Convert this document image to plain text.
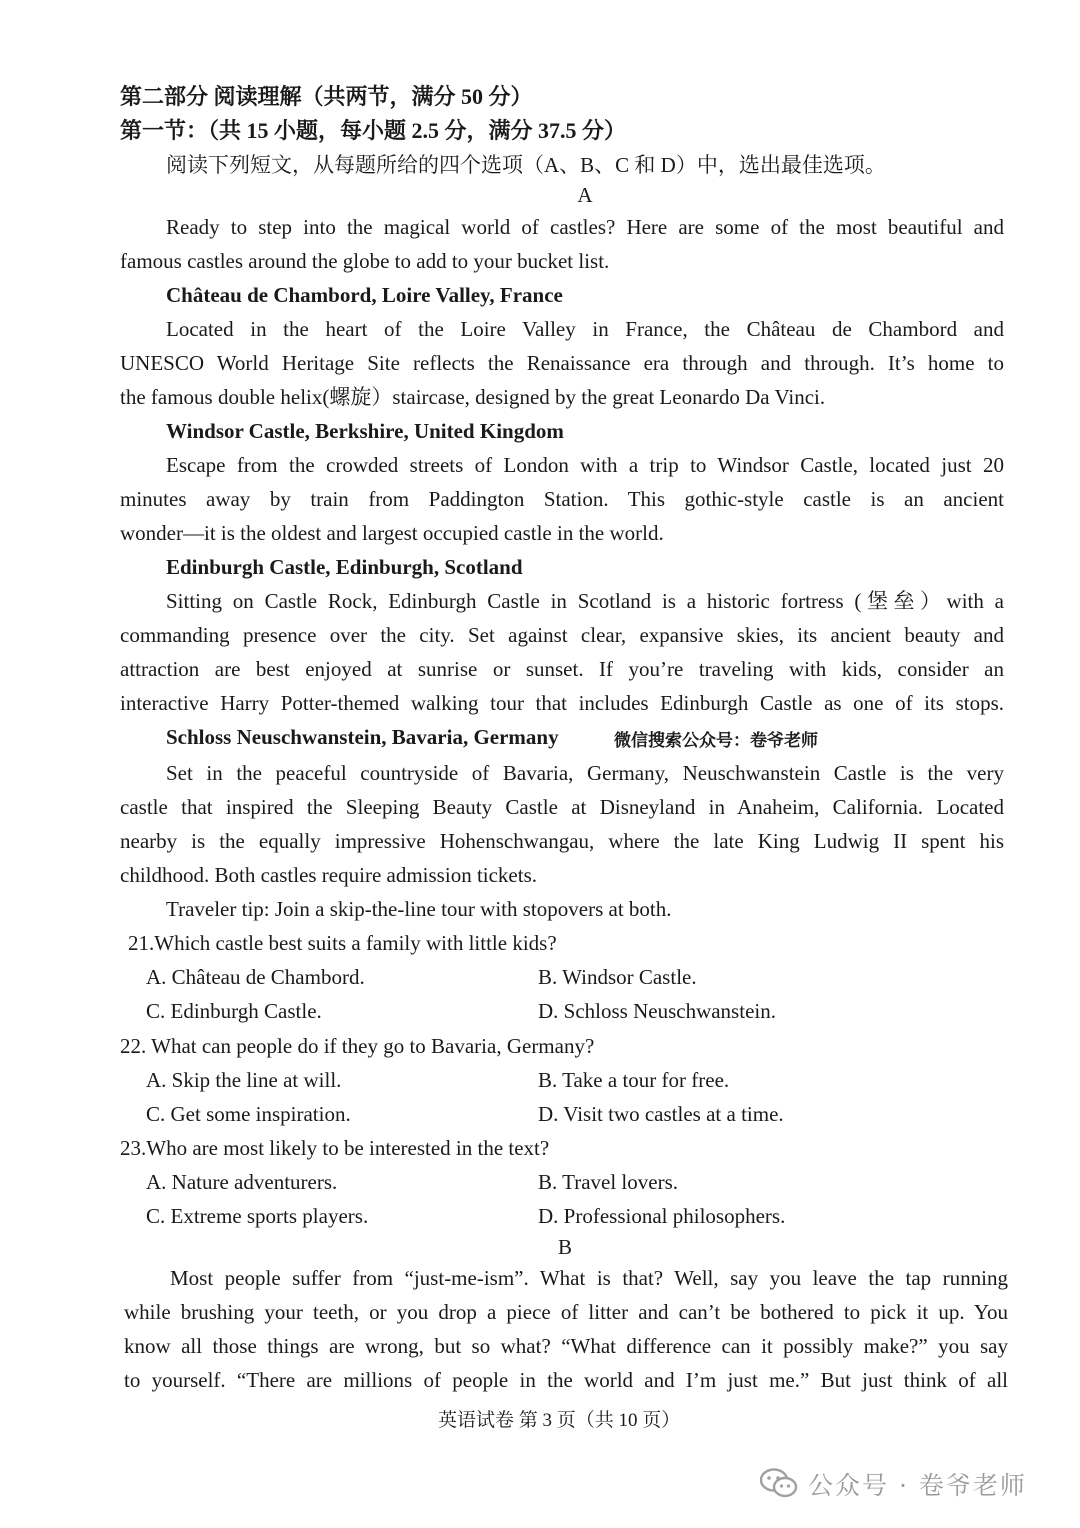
第二部分 阅读理解（共两节，满分 50 分）
第一节：（共 15 小题，每小题 2.5 分，满分 37.5 分）
阅读下列短文，从每题所给的四个选项（A、B、C 和 D）中，选出最佳选项。
A
Ready to step into the magical world of castles? Here are some of the most beautiful and
famous castles around the globe to add to your bucket list.
Château de Chambord, Loire Valley, France
Located in the heart of the Loire Valley in France, the Château de Chambord and
UNESCO World Heritage Site reflects the Renaissance era through and through. It’s home to
the famous double helix(螺旋）staircase, designed by the great Leonardo Da Vinci.
Windsor Castle, Berkshire, United Kingdom
Escape from the crowded streets of London with a trip to Windsor Castle, located just 20
minutes away by train from Paddington Station. This gothic-style castle is an ancient
wonder—it is the oldest and largest occupied castle in the world.
Edinburgh Castle, Edinburgh, Scotland
Sitting on Castle Rock, Edinburgh Castle in Scotland is a historic fortress (堡垒）with a
commanding presence over the city. Set against clear, expansive skies, its ancient beauty and
attraction are best enjoyed at sunrise or sunset. If you’re traveling with kids, consider an
interactive Harry Potter-themed walking tour that includes Edinburgh Castle as one of its stops.
Schloss Neuschwanstein, Bavaria, Germany	微信搜索公众号：卷爷老师
Set in the peaceful countryside of Bavaria, Germany, Neuschwanstein Castle is the very
castle that inspired the Sleeping Beauty Castle at Disneyland in Anaheim, California. Located
nearby is the equally impressive Hohenschwangau, where the late King Ludwig II spent his
childhood. Both castles require admission tickets.
Traveler tip: Join a skip-the-line tour with stopovers at both.
21.Which castle best suits a family with little kids?
A. Château de Chambord.	B. Windsor Castle.
C. Edinburgh Castle.	D. Schloss Neuschwanstein.
22. What can people do if they go to Bavaria, Germany?
A. Skip the line at will.	B. Take a tour for free.
C. Get some inspiration.	D. Visit two castles at a time.
23.Who are most likely to be interested in the text?
A. Nature adventurers.	B. Travel lovers.
C. Extreme sports players.	D. Professional philosophers.
B
Most people suffer from “just-me-ism”. What is that? Well, say you leave the tap running
while brushing your teeth, or you drop a piece of litter and can’t be bothered to pick it up. You
know all those things are wrong, but so what? “What difference can it possibly make?” you say
to yourself. “There are millions of people in the world and I’m just me.” But just think of all
英语试卷 第 3 页（共 10 页）
公众号 · 卷爷老师
